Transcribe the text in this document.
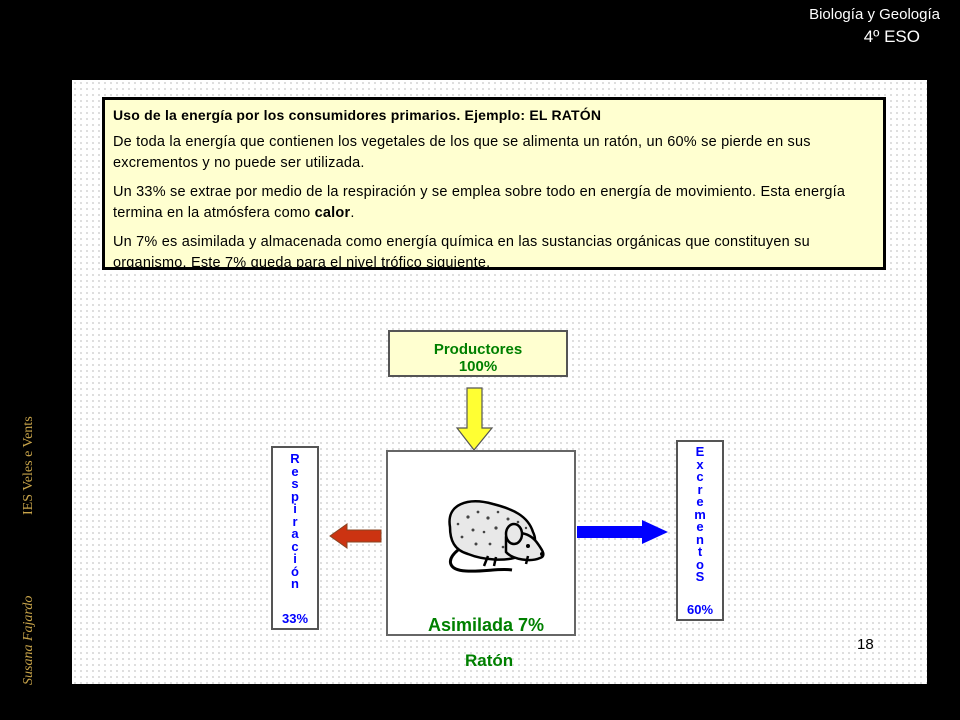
Biología y Geología
4º ESO
IES Veles e Vents
Susana Fajardo

Uso de la energía por los consumidores primarios. Ejemplo: EL RATÓN

De toda la energía que contienen los vegetales de los que se alimenta un ratón, un 60% se pierde en sus excrementos y no puede ser utilizada.

Un 33% se extrae por medio de la respiración y se emplea sobre todo en energía de movimiento. Esta energía termina en la atmósfera como calor.

Un 7% es asimilada y almacenada como energía química en las sustancias orgánicas que constituyen su organismo. Este 7% queda para el nivel trófico siguiente.

Productores
100%
R
e
s
p
i
r
a
c
i
ó
n
33%
E
x
c
r
e
m
e
n
t
o
S
60%
Asimilada 7%
Ratón
18
